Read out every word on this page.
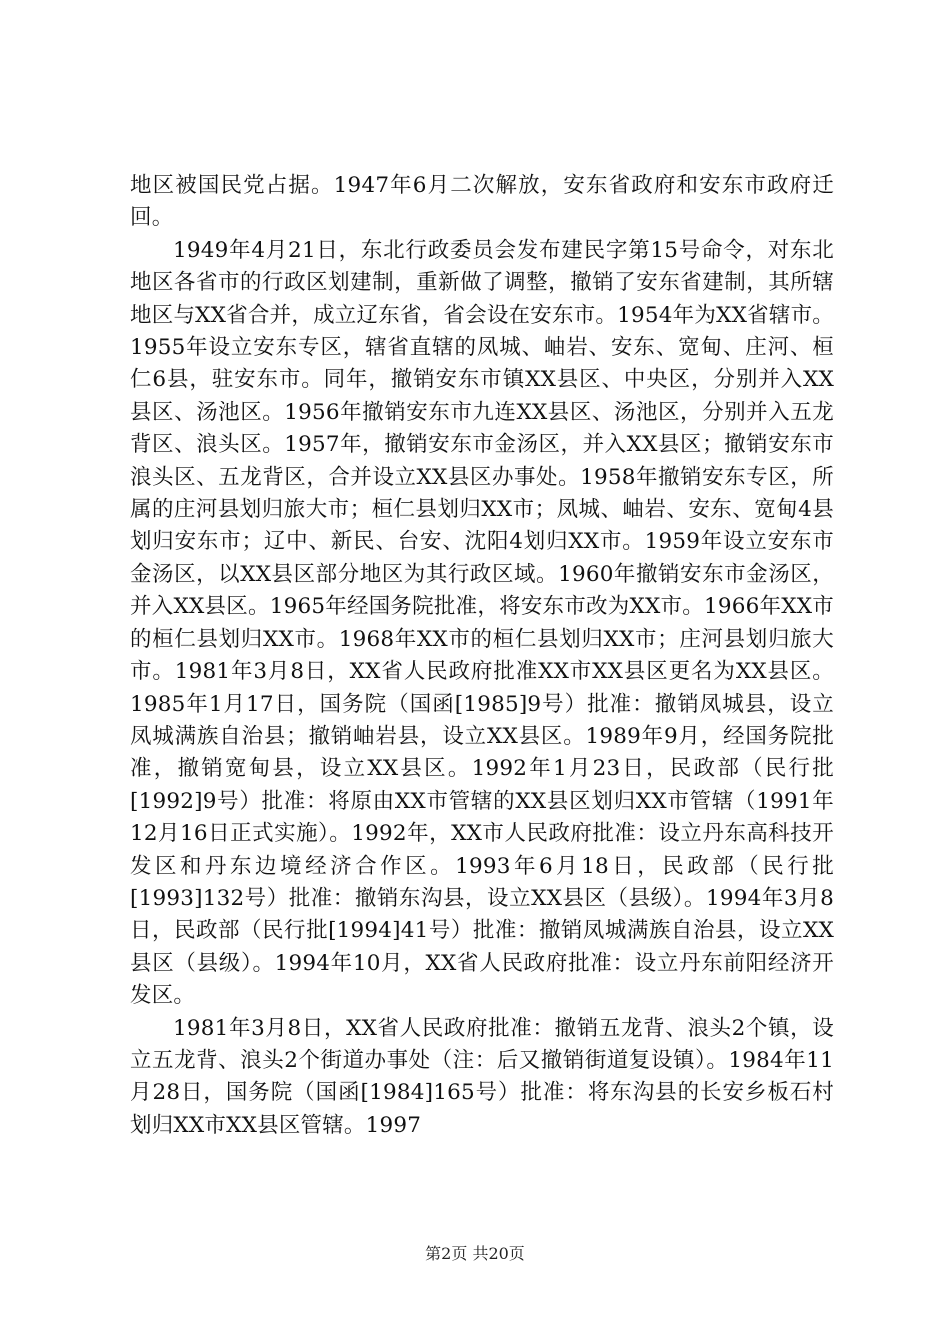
地区被国民党占据。1947年6月二次解放，安东省政府和安东市政府迁回。

1949年4月21日，东北行政委员会发布建民字第15号命令，对东北地区各省市的行政区划建制，重新做了调整，撤销了安东省建制，其所辖地区与XX省合并，成立辽东省，省会设在安东市。1954年为XX省辖市。1955年设立安东专区，辖省直辖的凤城、岫岩、安东、宽甸、庄河、桓仁6县，驻安东市。同年，撤销安东市镇XX县区、中央区，分别并入XX县区、汤池区。1956年撤销安东市九连XX县区、汤池区，分别并入五龙背区、浪头区。1957年，撤销安东市金汤区，并入XX县区；撤销安东市浪头区、五龙背区，合并设立XX县区办事处。1958年撤销安东专区，所属的庄河县划归旅大市；桓仁县划归XX市；凤城、岫岩、安东、宽甸4县划归安东市；辽中、新民、台安、沈阳4划归XX市。1959年设立安东市金汤区，以XX县区部分地区为其行政区域。1960年撤销安东市金汤区，并入XX县区。1965年经国务院批准，将安东市改为XX市。1966年XX市的桓仁县划归XX市。1968年XX市的桓仁县划归XX市；庄河县划归旅大市。1981年3月8日，XX省人民政府批准XX市XX县区更名为XX县区。1985年1月17日，国务院（国函[1985]9号）批准：撤销凤城县，设立凤城满族自治县；撤销岫岩县，设立XX县区。1989年9月，经国务院批准，撤销宽甸县，设立XX县区。1992年1月23日，民政部（民行批[1992]9号）批准：将原由XX市管辖的XX县区划归XX市管辖（1991年12月16日正式实施）。1992年，XX市人民政府批准：设立丹东高科技开发区和丹东边境经济合作区。1993年6月18日，民政部（民行批[1993]132号）批准：撤销东沟县，设立XX县区（县级）。1994年3月8日，民政部（民行批[1994]41号）批准：撤销凤城满族自治县，设立XX县区（县级）。1994年10月，XX省人民政府批准：设立丹东前阳经济开发区。

1981年3月8日，XX省人民政府批准：撤销五龙背、浪头2个镇，设立五龙背、浪头2个街道办事处（注：后又撤销街道复设镇）。1984年11月28日，国务院（国函[1984]165号）批准：将东沟县的长安乡板石村划归XX市XX县区管辖。1997

第2页 共20页
